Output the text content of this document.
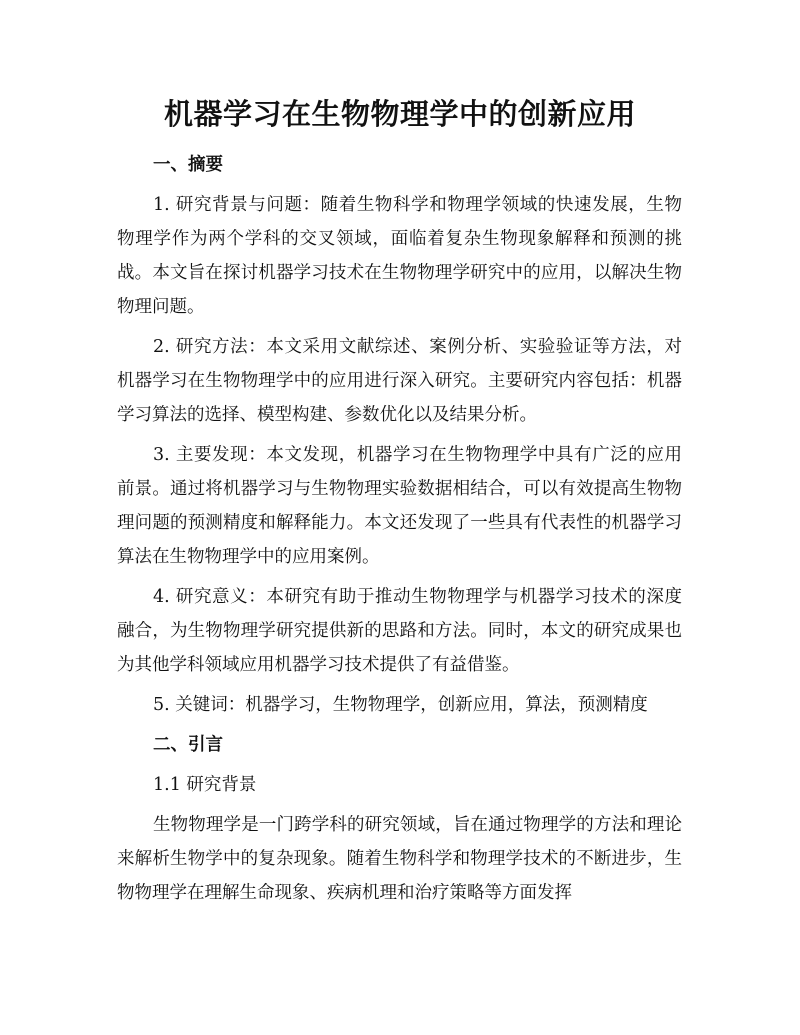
机器学习在生物物理学中的创新应用
一、摘要

1. 研究背景与问题：随着生物科学和物理学领域的快速发展，生物物理学作为两个学科的交叉领域，面临着复杂生物现象解释和预测的挑战。本文旨在探讨机器学习技术在生物物理学研究中的应用，以解决生物物理问题。

2. 研究方法：本文采用文献综述、案例分析、实验验证等方法，对机器学习在生物物理学中的应用进行深入研究。主要研究内容包括：机器学习算法的选择、模型构建、参数优化以及结果分析。

3. 主要发现：本文发现，机器学习在生物物理学中具有广泛的应用前景。通过将机器学习与生物物理实验数据相结合，可以有效提高生物物理问题的预测精度和解释能力。本文还发现了一些具有代表性的机器学习算法在生物物理学中的应用案例。

4. 研究意义：本研究有助于推动生物物理学与机器学习技术的深度融合，为生物物理学研究提供新的思路和方法。同时，本文的研究成果也为其他学科领域应用机器学习技术提供了有益借鉴。

5. 关键词：机器学习，生物物理学，创新应用，算法，预测精度

二、引言
1.1 研究背景

生物物理学是一门跨学科的研究领域，旨在通过物理学的方法和理论来解析生物学中的复杂现象。随着生物科学和物理学技术的不断进步，生物物理学在理解生命现象、疾病机理和治疗策略等方面发挥
